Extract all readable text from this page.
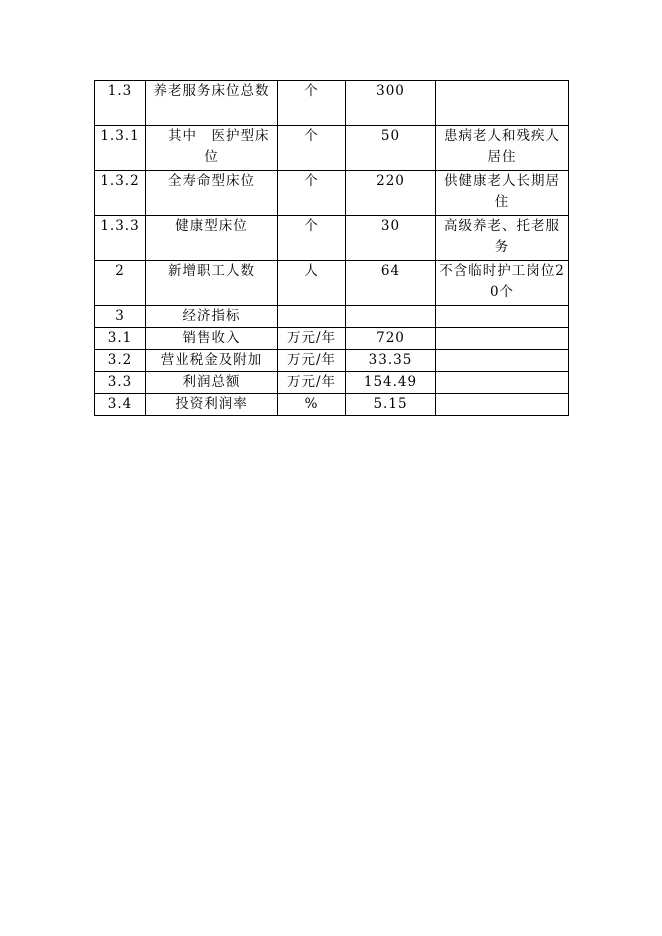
1.3	养老服务床位总数	个	300	
1.3.1	其中 医护型床位	个	50	患病老人和残疾人居住
1.3.2	全寿命型床位	个	220	供健康老人长期居住
1.3.3	健康型床位	个	30	高级养老、托老服务
2	新增职工人数	人	64	不含临时护工岗位20个
3	经济指标			
3.1	销售收入	万元/年	720	
3.2	营业税金及附加	万元/年	33.35	
3.3	利润总额	万元/年	154.49	
3.4	投资利润率	%	5.15	
